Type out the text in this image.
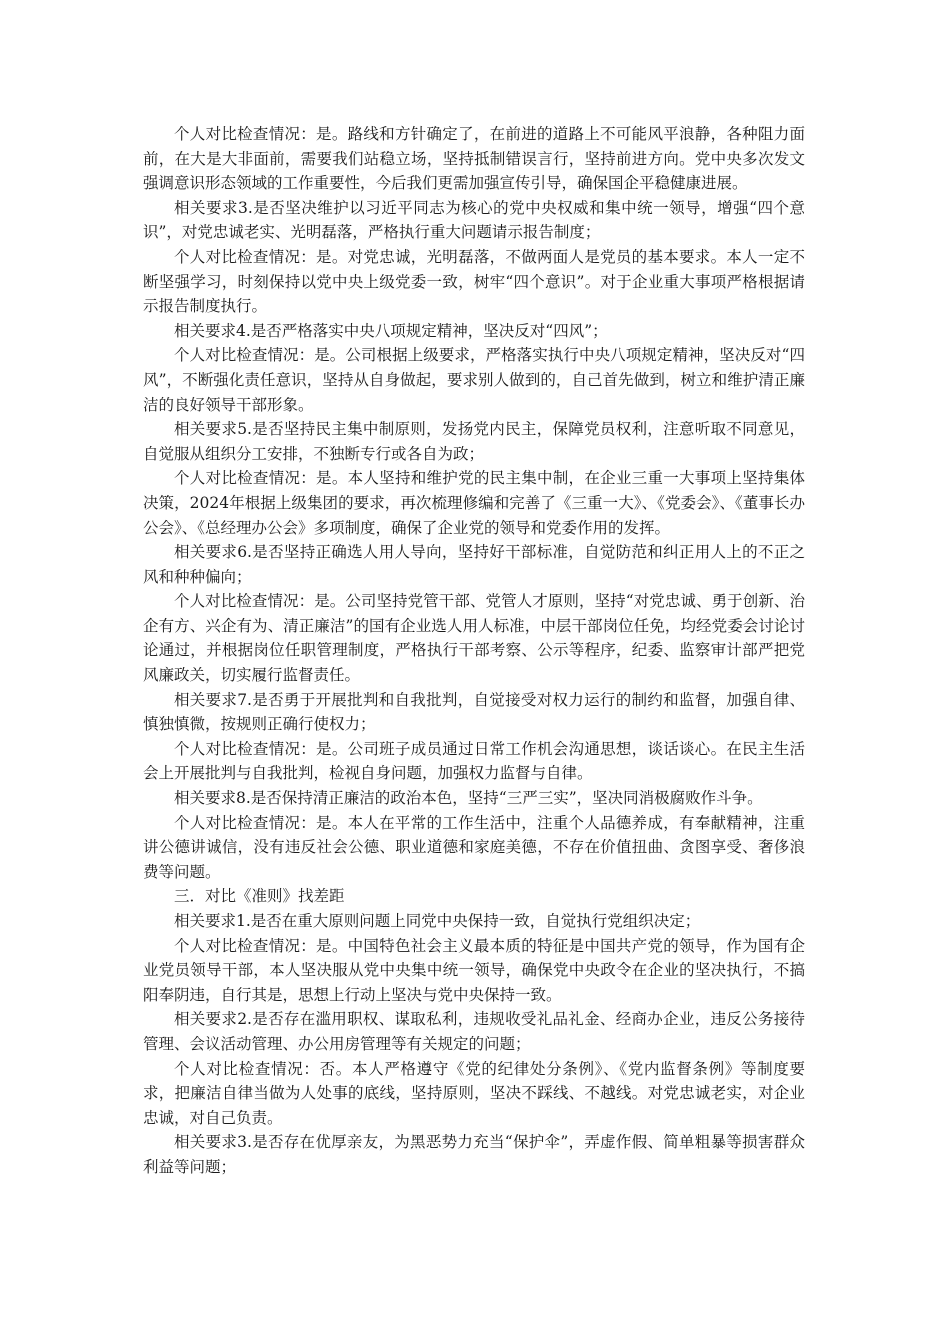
个人对比检查情况：是。路线和方针确定了，在前进的道路上不可能风平浪静，各种阻力面前，在大是大非面前，需要我们站稳立场，坚持抵制错误言行，坚持前进方向。党中央多次发文强调意识形态领域的工作重要性，今后我们更需加强宣传引导，确保国企平稳健康进展。

相关要求3.是否坚决维护以习近平同志为核心的党中央权威和集中统一领导，增强“四个意识”，对党忠诚老实、光明磊落，严格执行重大问题请示报告制度；

个人对比检查情况：是。对党忠诚，光明磊落，不做两面人是党员的基本要求。本人一定不断坚强学习，时刻保持以党中央上级党委一致，树牢“四个意识”。对于企业重大事项严格根据请示报告制度执行。

相关要求4.是否严格落实中央八项规定精神，坚决反对“四风”；

个人对比检查情况：是。公司根据上级要求，严格落实执行中央八项规定精神，坚决反对“四风”，不断强化责任意识，坚持从自身做起，要求别人做到的，自己首先做到，树立和维护清正廉洁的良好领导干部形象。

相关要求5.是否坚持民主集中制原则，发扬党内民主，保障党员权利，注意听取不同意见，自觉服从组织分工安排，不独断专行或各自为政；

个人对比检查情况：是。本人坚持和维护党的民主集中制，在企业三重一大事项上坚持集体决策，2024年根据上级集团的要求，再次梳理修编和完善了《三重一大》、《党委会》、《董事长办公会》、《总经理办公会》多项制度，确保了企业党的领导和党委作用的发挥。

相关要求6.是否坚持正确选人用人导向，坚持好干部标准，自觉防范和纠正用人上的不正之风和种种偏向；

个人对比检查情况：是。公司坚持党管干部、党管人才原则，坚持“对党忠诚、勇于创新、治企有方、兴企有为、清正廉洁”的国有企业选人用人标准，中层干部岗位任免，均经党委会讨论讨论通过，并根据岗位任职管理制度，严格执行干部考察、公示等程序，纪委、监察审计部严把党风廉政关，切实履行监督责任。

相关要求7.是否勇于开展批判和自我批判，自觉接受对权力运行的制约和监督，加强自律、慎独慎微，按规则正确行使权力；

个人对比检查情况：是。公司班子成员通过日常工作机会沟通思想，谈话谈心。在民主生活会上开展批判与自我批判，检视自身问题，加强权力监督与自律。

相关要求8.是否保持清正廉洁的政治本色，坚持“三严三实”，坚决同消极腐败作斗争。

个人对比检查情况：是。本人在平常的工作生活中，注重个人品德养成，有奉献精神，注重讲公德讲诚信，没有违反社会公德、职业道德和家庭美德，不存在价值扭曲、贪图享受、奢侈浪费等问题。

三．对比《准则》找差距

相关要求1.是否在重大原则问题上同党中央保持一致，自觉执行党组织决定；

个人对比检查情况：是。中国特色社会主义最本质的特征是中国共产党的领导，作为国有企业党员领导干部，本人坚决服从党中央集中统一领导，确保党中央政令在企业的坚决执行，不搞阳奉阴违，自行其是，思想上行动上坚决与党中央保持一致。

相关要求2.是否存在滥用职权、谋取私利，违规收受礼品礼金、经商办企业，违反公务接待管理、会议活动管理、办公用房管理等有关规定的问题；

个人对比检查情况：否。本人严格遵守《党的纪律处分条例》、《党内监督条例》等制度要求，把廉洁自律当做为人处事的底线，坚持原则，坚决不踩线、不越线。对党忠诚老实，对企业忠诚，对自己负责。

相关要求3.是否存在优厚亲友，为黑恶势力充当“保护伞”，弄虚作假、简单粗暴等损害群众利益等问题；
